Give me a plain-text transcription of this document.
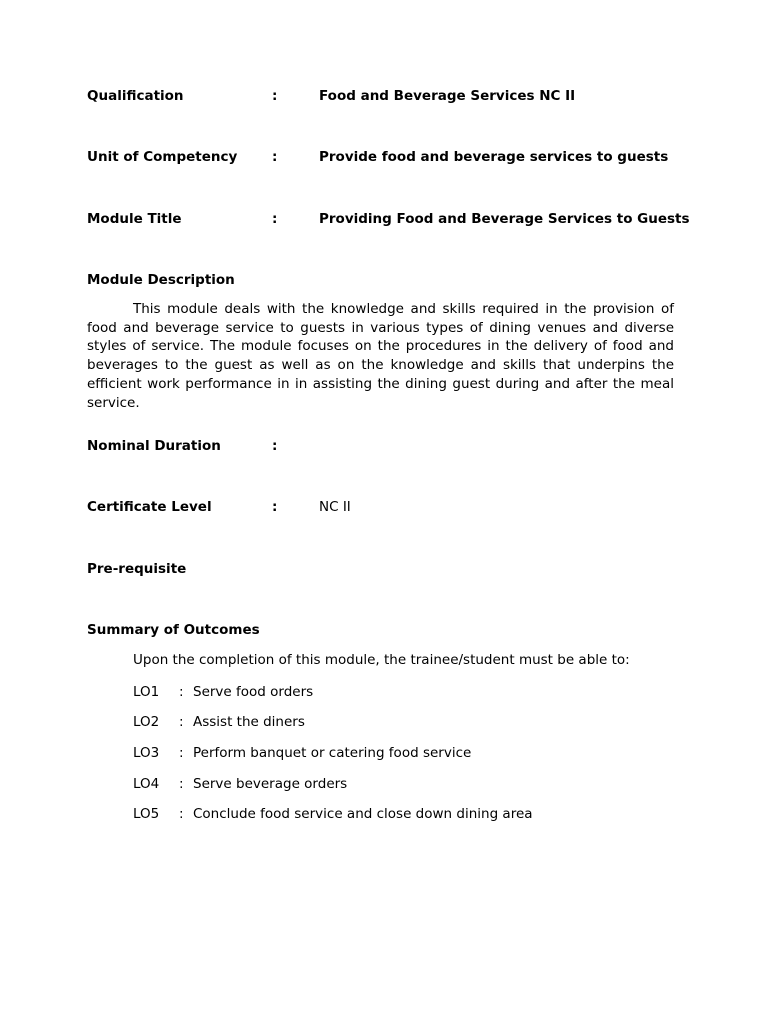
Qualification	:	Food and Beverage Services NC II
Unit of Competency	:	Provide food and beverage services to guests
Module Title	:	Providing Food and Beverage Services to Guests
Module Description

This module deals with the knowledge and skills required in the provision of food and beverage service to guests in various types of dining venues and diverse styles of service. The module focuses on the procedures in the delivery of food and beverages to the guest as well as on the knowledge and skills that underpins the efficient work performance in in assisting the dining guest during and after the meal service.

Nominal Duration	:
Certificate Level	:	NC II
Pre-requisite
Summary of Outcomes
Upon the completion of this module, the trainee/student must be able to:
LO1 : Serve food orders
LO2 : Assist the diners
LO3 : Perform banquet or catering food service
LO4 : Serve beverage orders
LO5 : Conclude food service and close down dining area
